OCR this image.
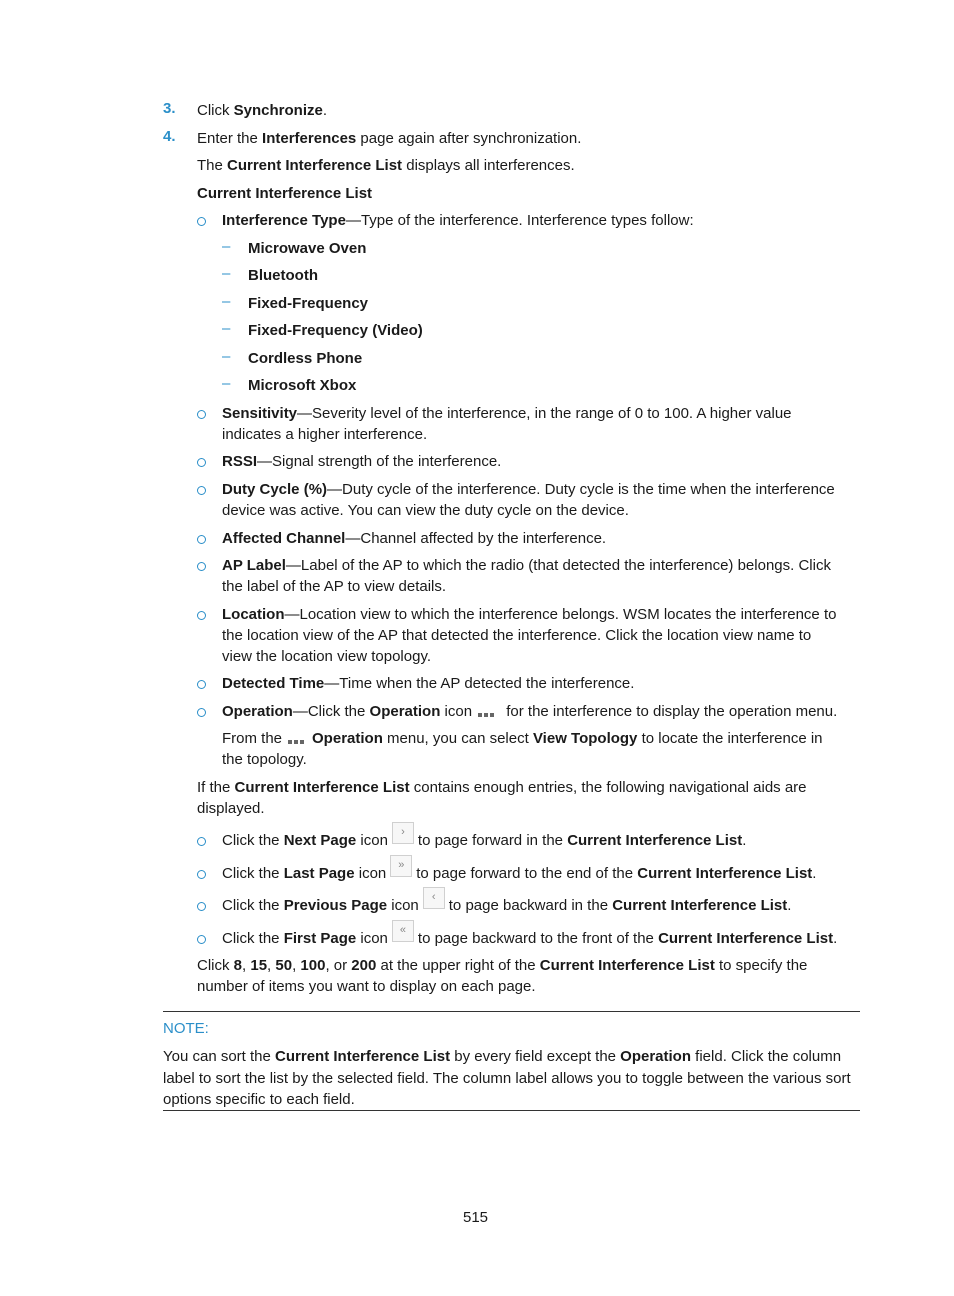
3. Click Synchronize.
4. Enter the Interferences page again after synchronization.
The Current Interference List displays all interferences.
Current Interference List
Interference Type—Type of the interference. Interference types follow:
– Microwave Oven
– Bluetooth
– Fixed-Frequency
– Fixed-Frequency (Video)
– Cordless Phone
– Microsoft Xbox
Sensitivity—Severity level of the interference, in the range of 0 to 100. A higher value
indicates a higher interference.
RSSI—Signal strength of the interference.
Duty Cycle (%)—Duty cycle of the interference. Duty cycle is the time when the interference
device was active. You can view the duty cycle on the device.
Affected Channel—Channel affected by the interference.
AP Label—Label of the AP to which the radio (that detected the interference) belongs. Click
the label of the AP to view details.
Location—Location view to which the interference belongs. WSM locates the interference to
the location view of the AP that detected the interference. Click the location view name to
view the location view topology.
Detected Time—Time when the AP detected the interference.
Operation—Click the Operation icon for the interference to display the operation menu.
From the Operation menu, you can select View Topology to locate the interference in
the topology.
If the Current Interference List contains enough entries, the following navigational aids are
displayed.
Click the Next Page icon › to page forward in the Current Interference List.
Click the Last Page icon » to page forward to the end of the Current Interference List.
Click the Previous Page icon ‹ to page backward in the Current Interference List.
Click the First Page icon « to page backward to the front of the Current Interference List.
Click 8, 15, 50, 100, or 200 at the upper right of the Current Interference List to specify the
number of items you want to display on each page.
NOTE:
You can sort the Current Interference List by every field except the Operation field. Click the column
label to sort the list by the selected field. The column label allows you to toggle between the various sort
options specific to each field.
515
